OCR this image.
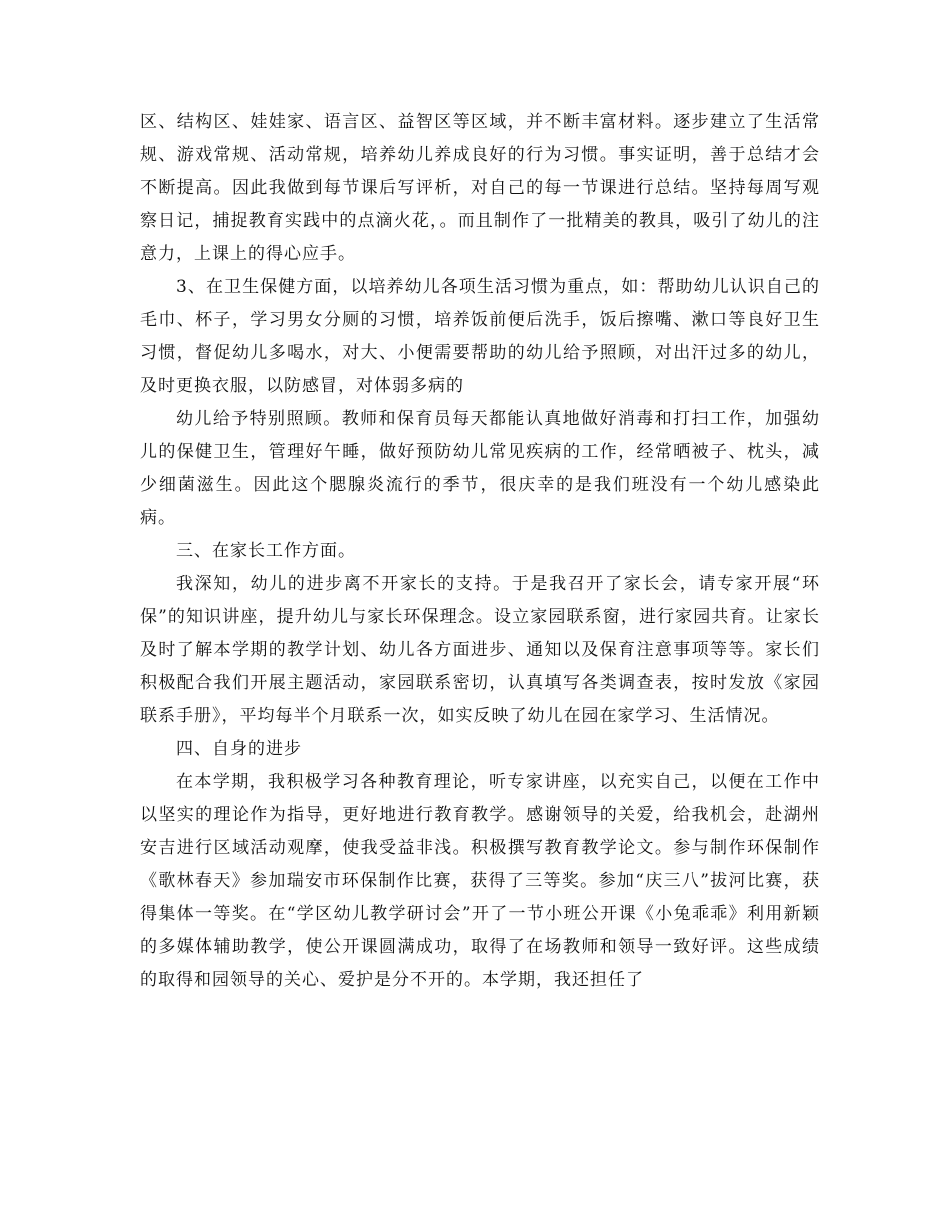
区、结构区、娃娃家、语言区、益智区等区域，并不断丰富材料。逐步建立了生活常规、游戏常规、活动常规，培养幼儿养成良好的行为习惯。事实证明，善于总结才会不断提高。因此我做到每节课后写评析，对自己的每一节课进行总结。坚持每周写观察日记，捕捉教育实践中的点滴火花，。而且制作了一批精美的教具，吸引了幼儿的注意力，上课上的得心应手。

3、在卫生保健方面，以培养幼儿各项生活习惯为重点，如：帮助幼儿认识自己的毛巾、杯子，学习男女分厕的习惯，培养饭前便后洗手，饭后擦嘴、漱口等良好卫生习惯，督促幼儿多喝水，对大、小便需要帮助的幼儿给予照顾，对出汗过多的幼儿，及时更换衣服，以防感冒，对体弱多病的

幼儿给予特别照顾。教师和保育员每天都能认真地做好消毒和打扫工作，加强幼儿的保健卫生，管理好午睡，做好预防幼儿常见疾病的工作，经常晒被子、枕头，减少细菌滋生。因此这个腮腺炎流行的季节，很庆幸的是我们班没有一个幼儿感染此病。

三、在家长工作方面。

我深知，幼儿的进步离不开家长的支持。于是我召开了家长会，请专家开展“环保”的知识讲座，提升幼儿与家长环保理念。设立家园联系窗，进行家园共育。让家长及时了解本学期的教学计划、幼儿各方面进步、通知以及保育注意事项等等。家长们积极配合我们开展主题活动，家园联系密切，认真填写各类调查表，按时发放《家园联系手册》，平均每半个月联系一次，如实反映了幼儿在园在家学习、生活情况。

四、自身的进步

在本学期，我积极学习各种教育理论，听专家讲座，以充实自己，以便在工作中以坚实的理论作为指导，更好地进行教育教学。感谢领导的关爱，给我机会，赴湖州安吉进行区域活动观摩，使我受益非浅。积极撰写教育教学论文。参与制作环保制作《歌林春天》参加瑞安市环保制作比赛，获得了三等奖。参加“庆三八”拔河比赛，获得集体一等奖。在“学区幼儿教学研讨会”开了一节小班公开课《小兔乖乖》利用新颖的多媒体辅助教学，使公开课圆满成功，取得了在场教师和领导一致好评。这些成绩的取得和园领导的关心、爱护是分不开的。本学期，我还担任了
